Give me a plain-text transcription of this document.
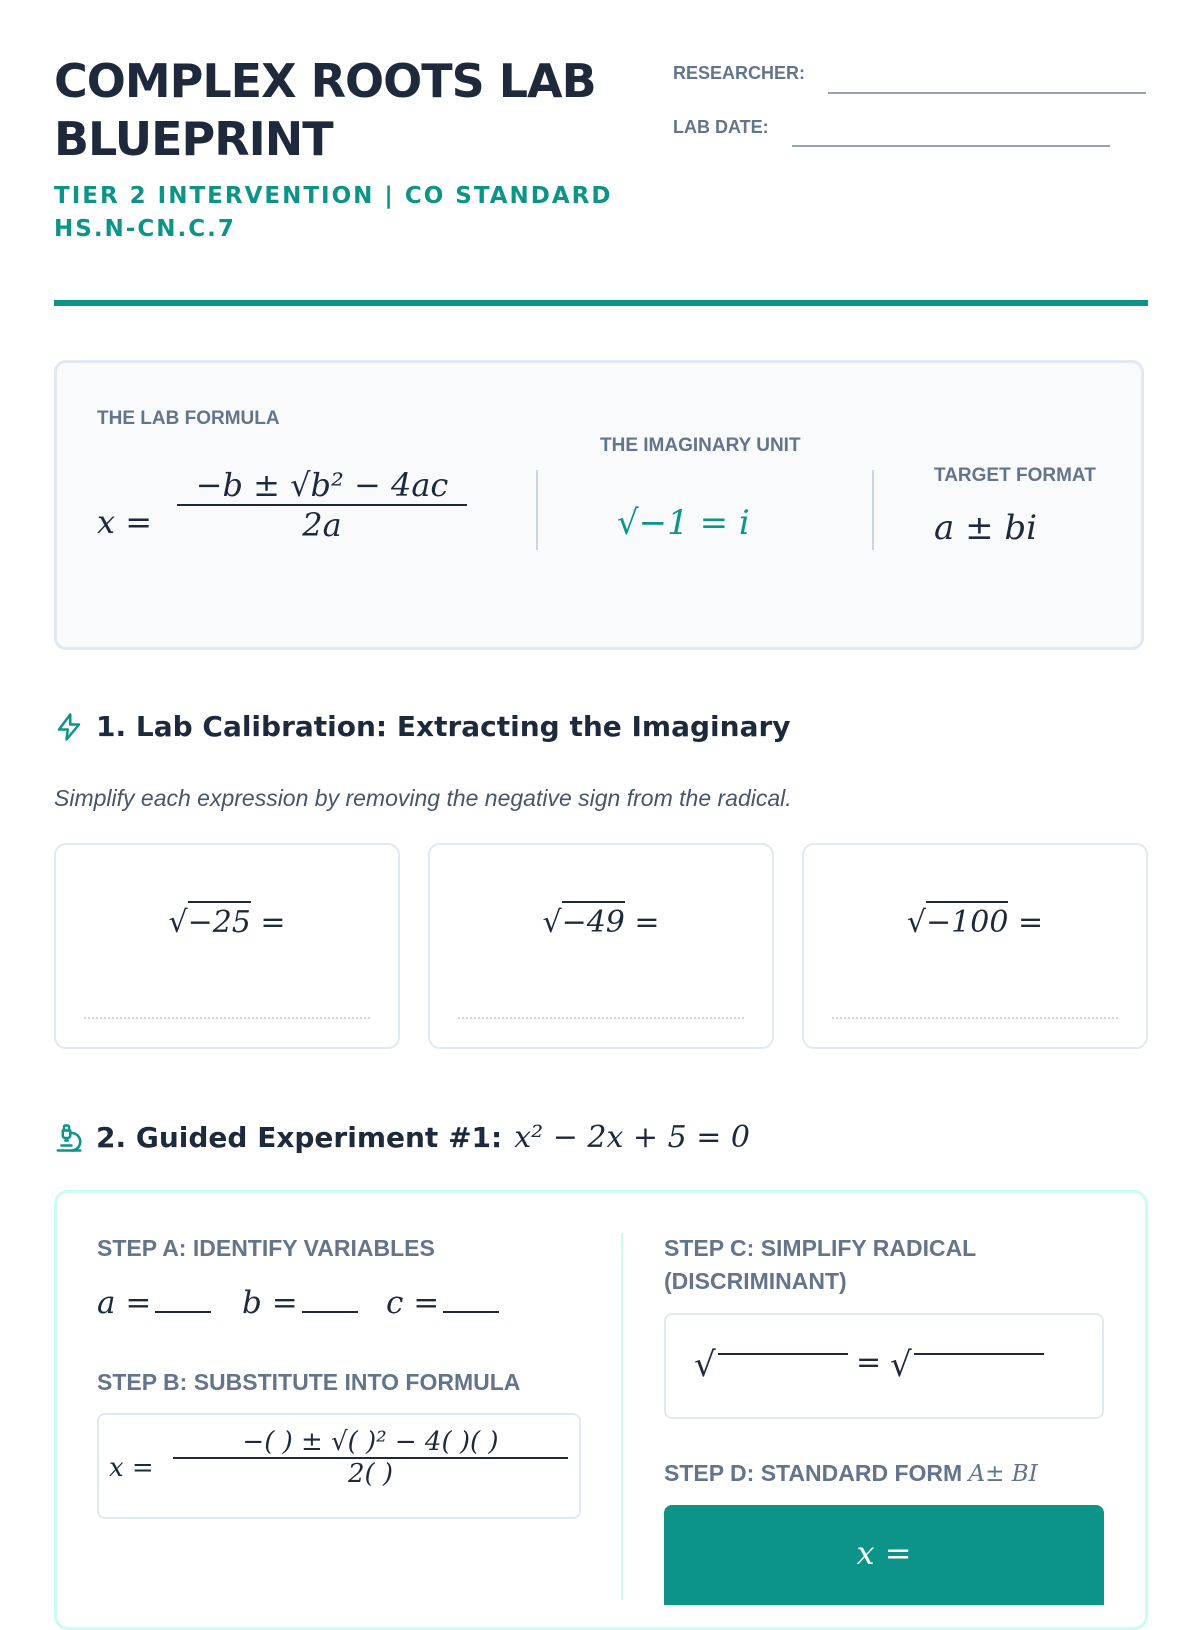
COMPLEX ROOTS LAB BLUEPRINT
TIER 2 INTERVENTION | CO STANDARD HS.N-CN.C.7
RESEARCHER:
LAB DATE:
THE LAB FORMULA
x =
−b ± √b² − 4ac
2a
THE IMAGINARY UNIT
√−1 = i
TARGET FORMAT
a ± bi
1. Lab Calibration: Extracting the Imaginary
Simplify each expression by removing the negative sign from the radical.
√−25 =	√−49 =	√−100 =
2. Guided Experiment #1: x² − 2x + 5 = 0
STEP A: IDENTIFY VARIABLES
a =	b =	c =
STEP B: SUBSTITUTE INTO FORMULA
x =
−( ) ± √( )² − 4( )( )
2( )
STEP C: SIMPLIFY RADICAL (DISCRIMINANT)
√	= √
STEP D: STANDARD FORM A± BI
x =
